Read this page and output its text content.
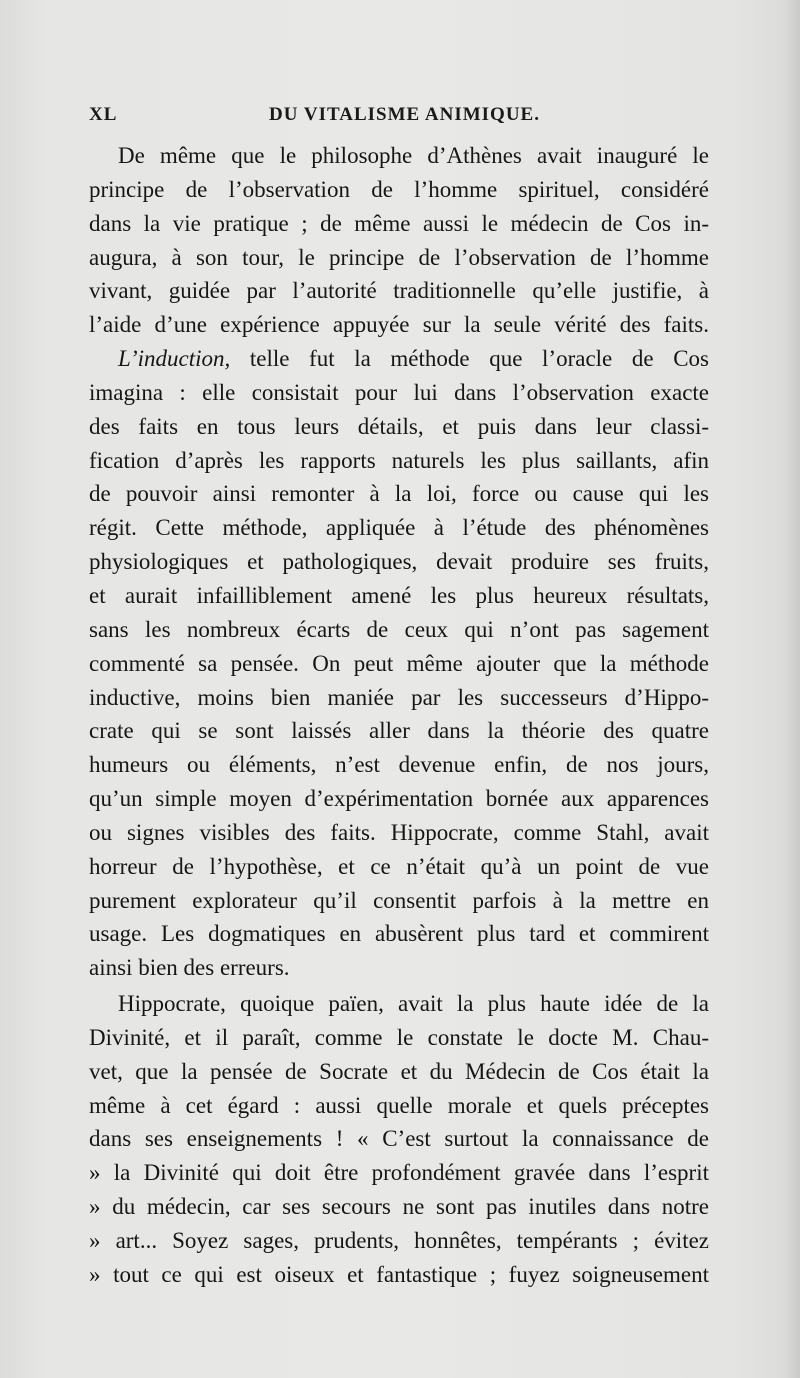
XL	DU VITALISME ANIMIQUE.
De même que le philosophe d’Athènes avait inauguré le
principe de l’observation de l’homme spirituel, considéré
dans la vie pratique ; de même aussi le médecin de Cos in-
augura, à son tour, le principe de l’observation de l’homme
vivant, guidée par l’autorité traditionnelle qu’elle justifie, à
l’aide d’une expérience appuyée sur la seule vérité des faits.
L’induction, telle fut la méthode que l’oracle de Cos
imagina : elle consistait pour lui dans l’observation exacte
des faits en tous leurs détails, et puis dans leur classi-
fication d’après les rapports naturels les plus saillants, afin
de pouvoir ainsi remonter à la loi, force ou cause qui les
régit. Cette méthode, appliquée à l’étude des phénomènes
physiologiques et pathologiques, devait produire ses fruits,
et aurait infailliblement amené les plus heureux résultats,
sans les nombreux écarts de ceux qui n’ont pas sagement
commenté sa pensée. On peut même ajouter que la méthode
inductive, moins bien maniée par les successeurs d’Hippo-
crate qui se sont laissés aller dans la théorie des quatre
humeurs ou éléments, n’est devenue enfin, de nos jours,
qu’un simple moyen d’expérimentation bornée aux apparences
ou signes visibles des faits. Hippocrate, comme Stahl, avait
horreur de l’hypothèse, et ce n’était qu’à un point de vue
purement explorateur qu’il consentit parfois à la mettre en
usage. Les dogmatiques en abusèrent plus tard et commirent
ainsi bien des erreurs.
Hippocrate, quoique païen, avait la plus haute idée de la
Divinité, et il paraît, comme le constate le docte M. Chau-
vet, que la pensée de Socrate et du Médecin de Cos était la
même à cet égard : aussi quelle morale et quels préceptes
dans ses enseignements ! « C’est surtout la connaissance de
» la Divinité qui doit être profondément gravée dans l’esprit
» du médecin, car ses secours ne sont pas inutiles dans notre
» art... Soyez sages, prudents, honnêtes, tempérants ; évitez
» tout ce qui est oiseux et fantastique ; fuyez soigneusement
